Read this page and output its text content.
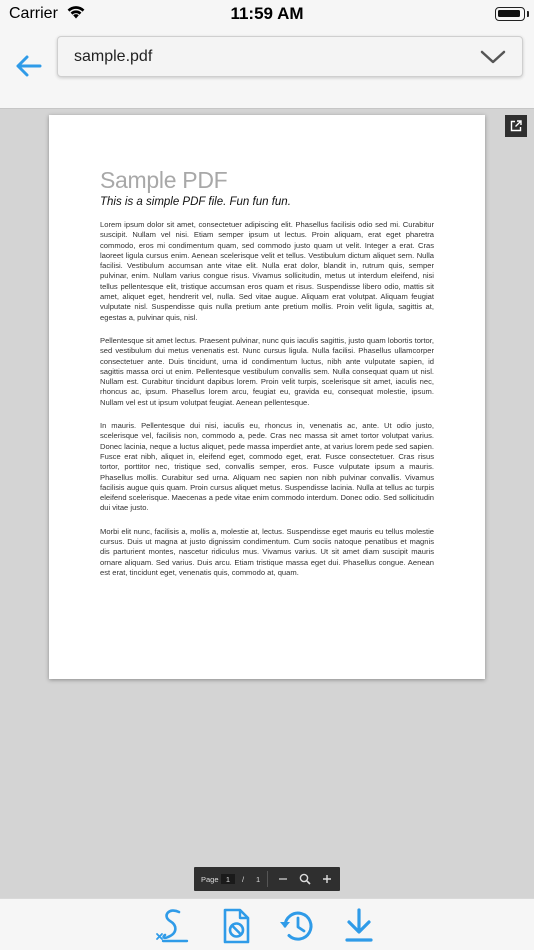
Carrier	11:59 AM
sample.pdf
Sample PDF
This is a simple PDF file. Fun fun fun.

Lorem ipsum dolor sit amet, consectetuer adipiscing elit. Phasellus facilisis odio sed mi. Curabitur suscipit. Nullam vel nisi. Etiam semper ipsum ut lectus. Proin aliquam, erat eget pharetra commodo, eros mi condimentum quam, sed commodo justo quam ut velit. Integer a erat. Cras laoreet ligula cursus enim. Aenean scelerisque velit et tellus. Vestibulum dictum aliquet sem. Nulla facilisi. Vestibulum accumsan ante vitae elit. Nulla erat dolor, blandit in, rutrum quis, semper pulvinar, enim. Nullam varius congue risus. Vivamus sollicitudin, metus ut interdum eleifend, nisi tellus pellentesque elit, tristique accumsan eros quam et risus. Suspendisse libero odio, mattis sit amet, aliquet eget, hendrerit vel, nulla. Sed vitae augue. Aliquam erat volutpat. Aliquam feugiat vulputate nisl. Suspendisse quis nulla pretium ante pretium mollis. Proin velit ligula, sagittis at, egestas a, pulvinar quis, nisl.

Pellentesque sit amet lectus. Praesent pulvinar, nunc quis iaculis sagittis, justo quam lobortis tortor, sed vestibulum dui metus venenatis est. Nunc cursus ligula. Nulla facilisi. Phasellus ullamcorper consectetuer ante. Duis tincidunt, urna id condimentum luctus, nibh ante vulputate sapien, id sagittis massa orci ut enim. Pellentesque vestibulum convallis sem. Nulla consequat quam ut nisl. Nullam est. Curabitur tincidunt dapibus lorem. Proin velit turpis, scelerisque sit amet, iaculis nec, rhoncus ac, ipsum. Phasellus lorem arcu, feugiat eu, gravida eu, consequat molestie, ipsum. Nullam vel est ut ipsum volutpat feugiat. Aenean pellentesque.

In mauris. Pellentesque dui nisi, iaculis eu, rhoncus in, venenatis ac, ante. Ut odio justo, scelerisque vel, facilisis non, commodo a, pede. Cras nec massa sit amet tortor volutpat varius. Donec lacinia, neque a luctus aliquet, pede massa imperdiet ante, at varius lorem pede sed sapien. Fusce erat nibh, aliquet in, eleifend eget, commodo eget, erat. Fusce consectetuer. Cras risus tortor, porttitor nec, tristique sed, convallis semper, eros. Fusce vulputate ipsum a mauris. Phasellus mollis. Curabitur sed urna. Aliquam nec sapien non nibh pulvinar convallis. Vivamus facilisis augue quis quam. Proin cursus aliquet metus. Suspendisse lacinia. Nulla at tellus ac turpis eleifend scelerisque. Maecenas a pede vitae enim commodo interdum. Donec odio. Sed sollicitudin dui vitae justo.

Morbi elit nunc, facilisis a, mollis a, molestie at, lectus. Suspendisse eget mauris eu tellus molestie cursus. Duis ut magna at justo dignissim condimentum. Cum sociis natoque penatibus et magnis dis parturient montes, nascetur ridiculus mus. Vivamus varius. Ut sit amet diam suscipit mauris ornare aliquam. Sed varius. Duis arcu. Etiam tristique massa eget dui. Phasellus congue. Aenean est erat, tincidunt eget, venenatis quis, commodo at, quam.

Page
1	/ 1
